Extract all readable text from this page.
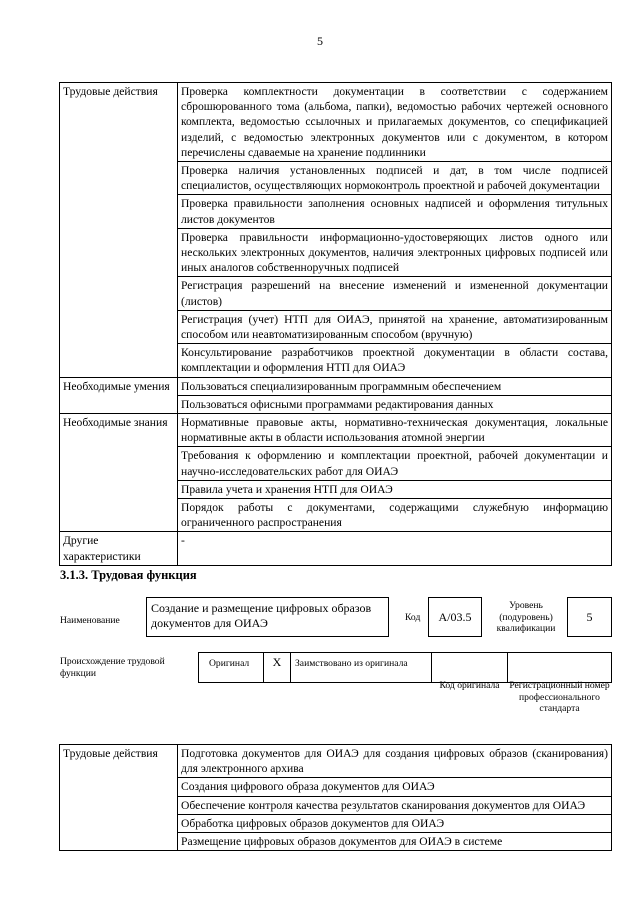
5
Трудовые действия	Проверка комплектности документации в соответствии с содержанием сброшюрованного тома (альбома, папки), ведомостью рабочих чертежей основного комплекта, ведомостью ссылочных и прилагаемых документов, со спецификацией изделий, с ведомостью электронных документов или с документом, в котором перечислены сдаваемые на хранение подлинники
	Проверка наличия установленных подписей и дат, в том числе подписей специалистов, осуществляющих нормоконтроль проектной и рабочей документации
	Проверка правильности заполнения основных надписей и оформления титульных листов документов
	Проверка правильности информационно-удостоверяющих листов одного или нескольких электронных документов, наличия электронных цифровых подписей или иных аналогов собственноручных подписей
	Регистрация разрешений на внесение изменений и измененной документации (листов)
	Регистрация (учет) НТП для ОИАЭ, принятой на хранение, автоматизированным способом или неавтоматизированным способом (вручную)
	Консультирование разработчиков проектной документации в области состава, комплектации и оформления НТП для ОИАЭ
Необходимые умения	Пользоваться специализированным программным обеспечением
	Пользоваться офисными программами редактирования данных
Необходимые знания	Нормативные правовые акты, нормативно-техническая документация, локальные нормативные акты в области использования атомной энергии
	Требования к оформлению и комплектации проектной, рабочей документации и научно-исследовательских работ для ОИАЭ
	Правила учета и хранения НТП для ОИАЭ
	Порядок работы с документами, содержащими служебную информацию ограниченного распространения
Другие характеристики	-
3.1.3. Трудовая функция
Наименование
Создание и размещение цифровых образов документов для ОИАЭ	Код	A/03.5
Уровень (подуровень) квалификации
5
Происхождение трудовой функции
Оригинал	X	Заимствовано из оригинала
Код оригинала	Регистрационный номер профессионального стандарта
Трудовые действия	Подготовка документов для ОИАЭ для создания цифровых образов (сканирования) для электронного архива
Создания цифрового образа документов для ОИАЭ
Обеспечение контроля качества результатов сканирования документов для ОИАЭ
Обработка цифровых образов документов для ОИАЭ
Размещение цифровых образов документов для ОИАЭ в системе
